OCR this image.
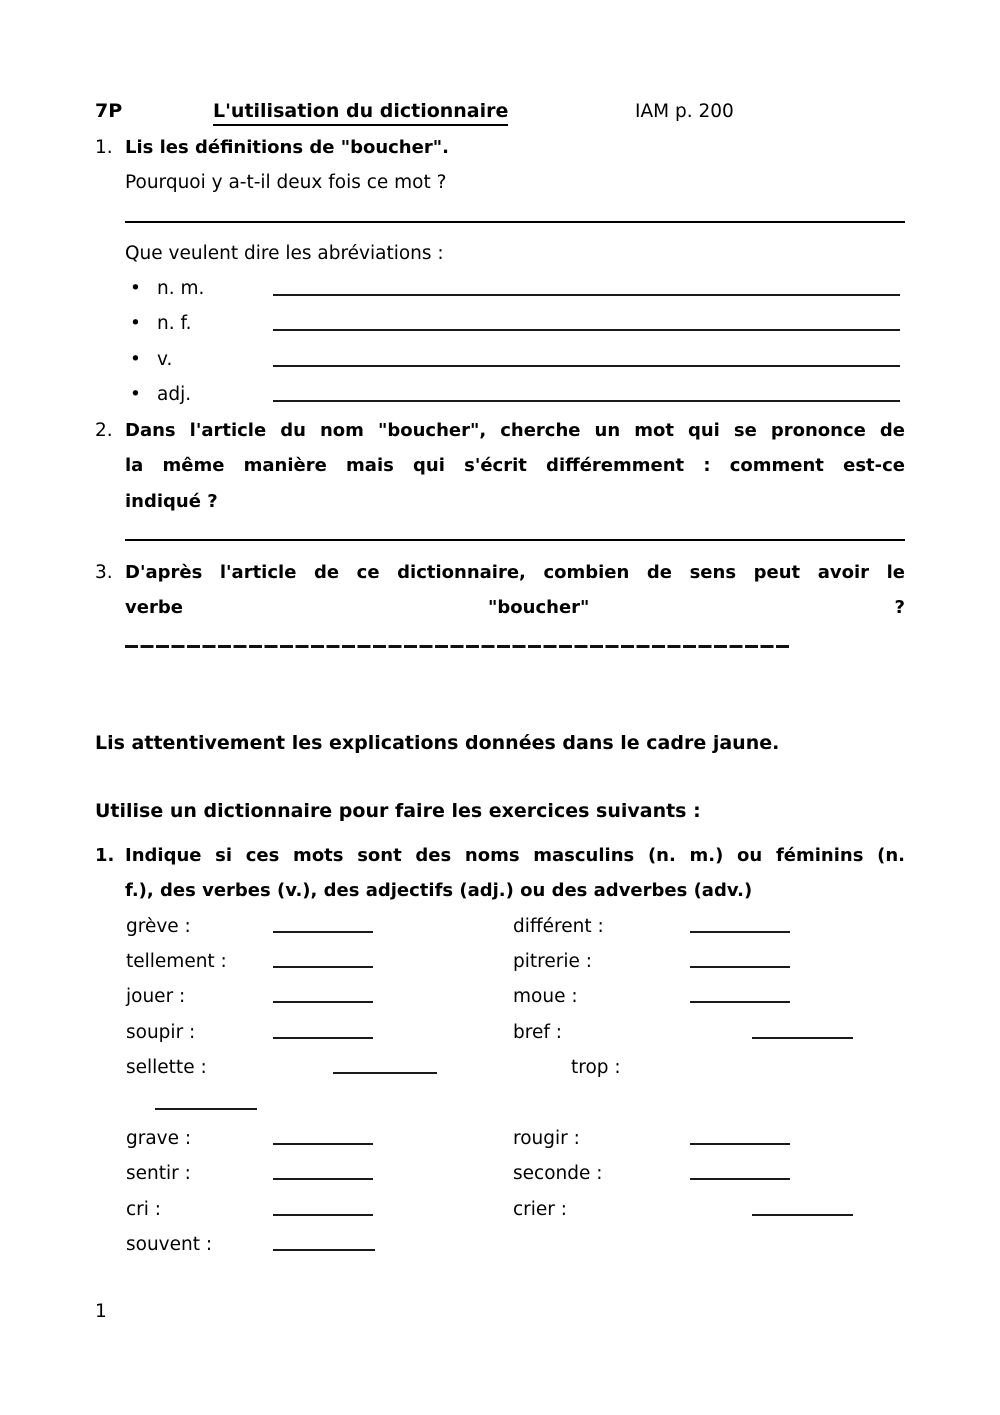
7P	L'utilisation du dictionnaire	IAM p. 200
1. Lis les définitions de "boucher".
Pourquoi y a-t-il deux fois ce mot ?
Que veulent dire les abréviations :
• n. m.
• n. f.
• v.
• adj.
2. Dans l'article du nom "boucher", cherche un mot qui se prononce de
la même manière mais qui s'écrit différemment : comment est-ce
indiqué ?
3. D'après l'article de ce dictionnaire, combien de sens peut avoir le
verbe	"boucher"	?
Lis attentivement les explications données dans le cadre jaune.
Utilise un dictionnaire pour faire les exercices suivants :
1. Indique si ces mots sont des noms masculins (n. m.) ou féminins (n.
f.), des verbes (v.), des adjectifs (adj.) ou des adverbes (adv.)
grève :	différent :
tellement :	pitrerie :
jouer :	moue :
soupir :	bref :
sellette :	trop :
grave :	rougir :
sentir :	seconde :
cri :	crier :
souvent :
1
